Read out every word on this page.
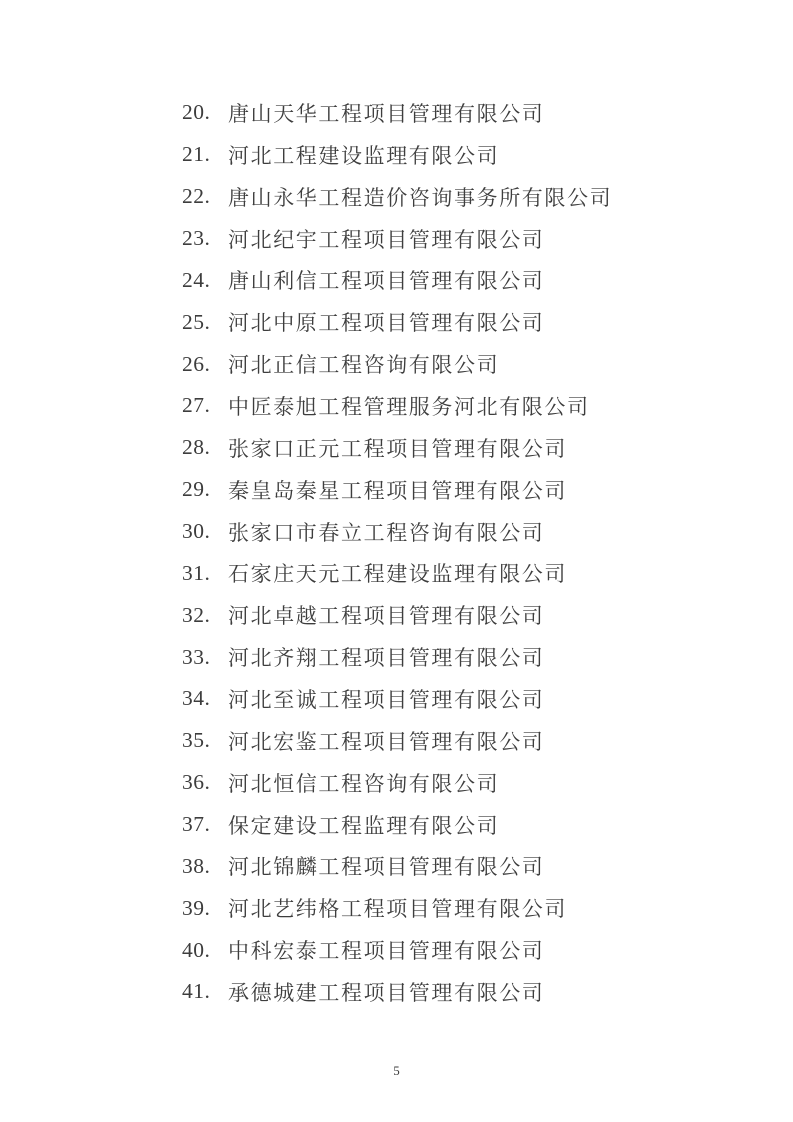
20. 唐山天华工程项目管理有限公司
21. 河北工程建设监理有限公司
22. 唐山永华工程造价咨询事务所有限公司
23. 河北纪宇工程项目管理有限公司
24. 唐山利信工程项目管理有限公司
25. 河北中原工程项目管理有限公司
26. 河北正信工程咨询有限公司
27. 中匠泰旭工程管理服务河北有限公司
28. 张家口正元工程项目管理有限公司
29. 秦皇岛秦星工程项目管理有限公司
30. 张家口市春立工程咨询有限公司
31. 石家庄天元工程建设监理有限公司
32. 河北卓越工程项目管理有限公司
33. 河北齐翔工程项目管理有限公司
34. 河北至诚工程项目管理有限公司
35. 河北宏鉴工程项目管理有限公司
36. 河北恒信工程咨询有限公司
37. 保定建设工程监理有限公司
38. 河北锦麟工程项目管理有限公司
39. 河北艺纬格工程项目管理有限公司
40. 中科宏泰工程项目管理有限公司
41. 承德城建工程项目管理有限公司
5
